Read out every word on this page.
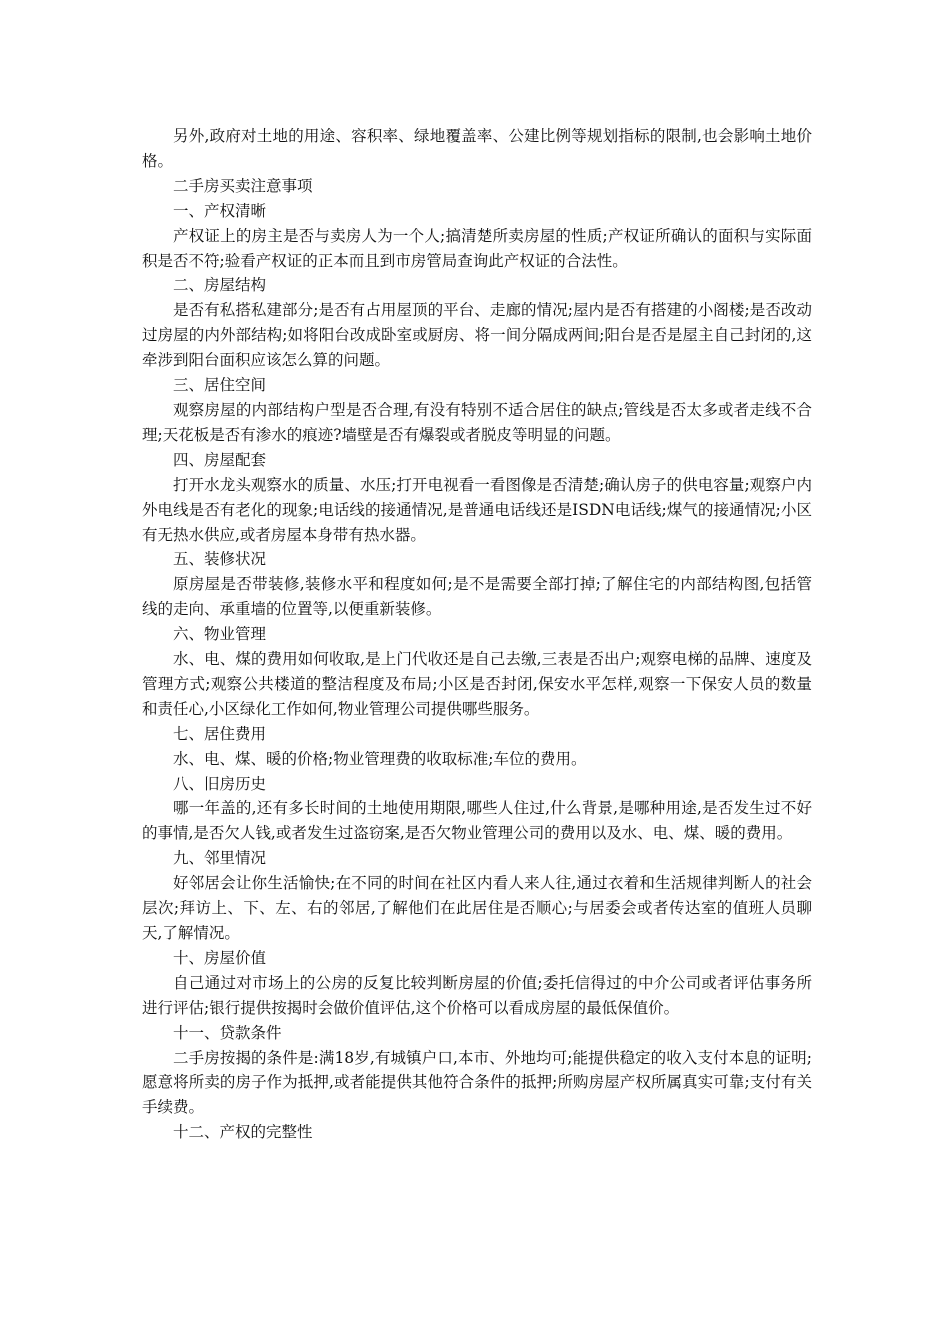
另外,政府对土地的用途、容积率、绿地覆盖率、公建比例等规划指标的限制,也会影响土地价格。

二手房买卖注意事项

一、产权清晰

产权证上的房主是否与卖房人为一个人;搞清楚所卖房屋的性质;产权证所确认的面积与实际面积是否不符;验看产权证的正本而且到市房管局查询此产权证的合法性。

二、房屋结构

是否有私搭私建部分;是否有占用屋顶的平台、走廊的情况;屋内是否有搭建的小阁楼;是否改动过房屋的内外部结构;如将阳台改成卧室或厨房、将一间分隔成两间;阳台是否是屋主自己封闭的,这牵涉到阳台面积应该怎么算的问题。

三、居住空间

观察房屋的内部结构户型是否合理,有没有特别不适合居住的缺点;管线是否太多或者走线不合理;天花板是否有渗水的痕迹?墙壁是否有爆裂或者脱皮等明显的问题。

四、房屋配套

打开水龙头观察水的质量、水压;打开电视看一看图像是否清楚;确认房子的供电容量;观察户内外电线是否有老化的现象;电话线的接通情况,是普通电话线还是ISDN电话线;煤气的接通情况;小区有无热水供应,或者房屋本身带有热水器。

五、装修状况

原房屋是否带装修,装修水平和程度如何;是不是需要全部打掉;了解住宅的内部结构图,包括管线的走向、承重墙的位置等,以便重新装修。

六、物业管理

水、电、煤的费用如何收取,是上门代收还是自己去缴,三表是否出户;观察电梯的品牌、速度及管理方式;观察公共楼道的整洁程度及布局;小区是否封闭,保安水平怎样,观察一下保安人员的数量和责任心,小区绿化工作如何,物业管理公司提供哪些服务。

七、居住费用

水、电、煤、暖的价格;物业管理费的收取标准;车位的费用。

八、旧房历史

哪一年盖的,还有多长时间的土地使用期限,哪些人住过,什么背景,是哪种用途,是否发生过不好的事情,是否欠人钱,或者发生过盗窃案,是否欠物业管理公司的费用以及水、电、煤、暖的费用。

九、邻里情况

好邻居会让你生活愉快;在不同的时间在社区内看人来人往,通过衣着和生活规律判断人的社会层次;拜访上、下、左、右的邻居,了解他们在此居住是否顺心;与居委会或者传达室的值班人员聊天,了解情况。

十、房屋价值

自己通过对市场上的公房的反复比较判断房屋的价值;委托信得过的中介公司或者评估事务所进行评估;银行提供按揭时会做价值评估,这个价格可以看成房屋的最低保值价。

十一、贷款条件

二手房按揭的条件是:满18岁,有城镇户口,本市、外地均可;能提供稳定的收入支付本息的证明;愿意将所卖的房子作为抵押,或者能提供其他符合条件的抵押;所购房屋产权所属真实可靠;支付有关手续费。

十二、产权的完整性
